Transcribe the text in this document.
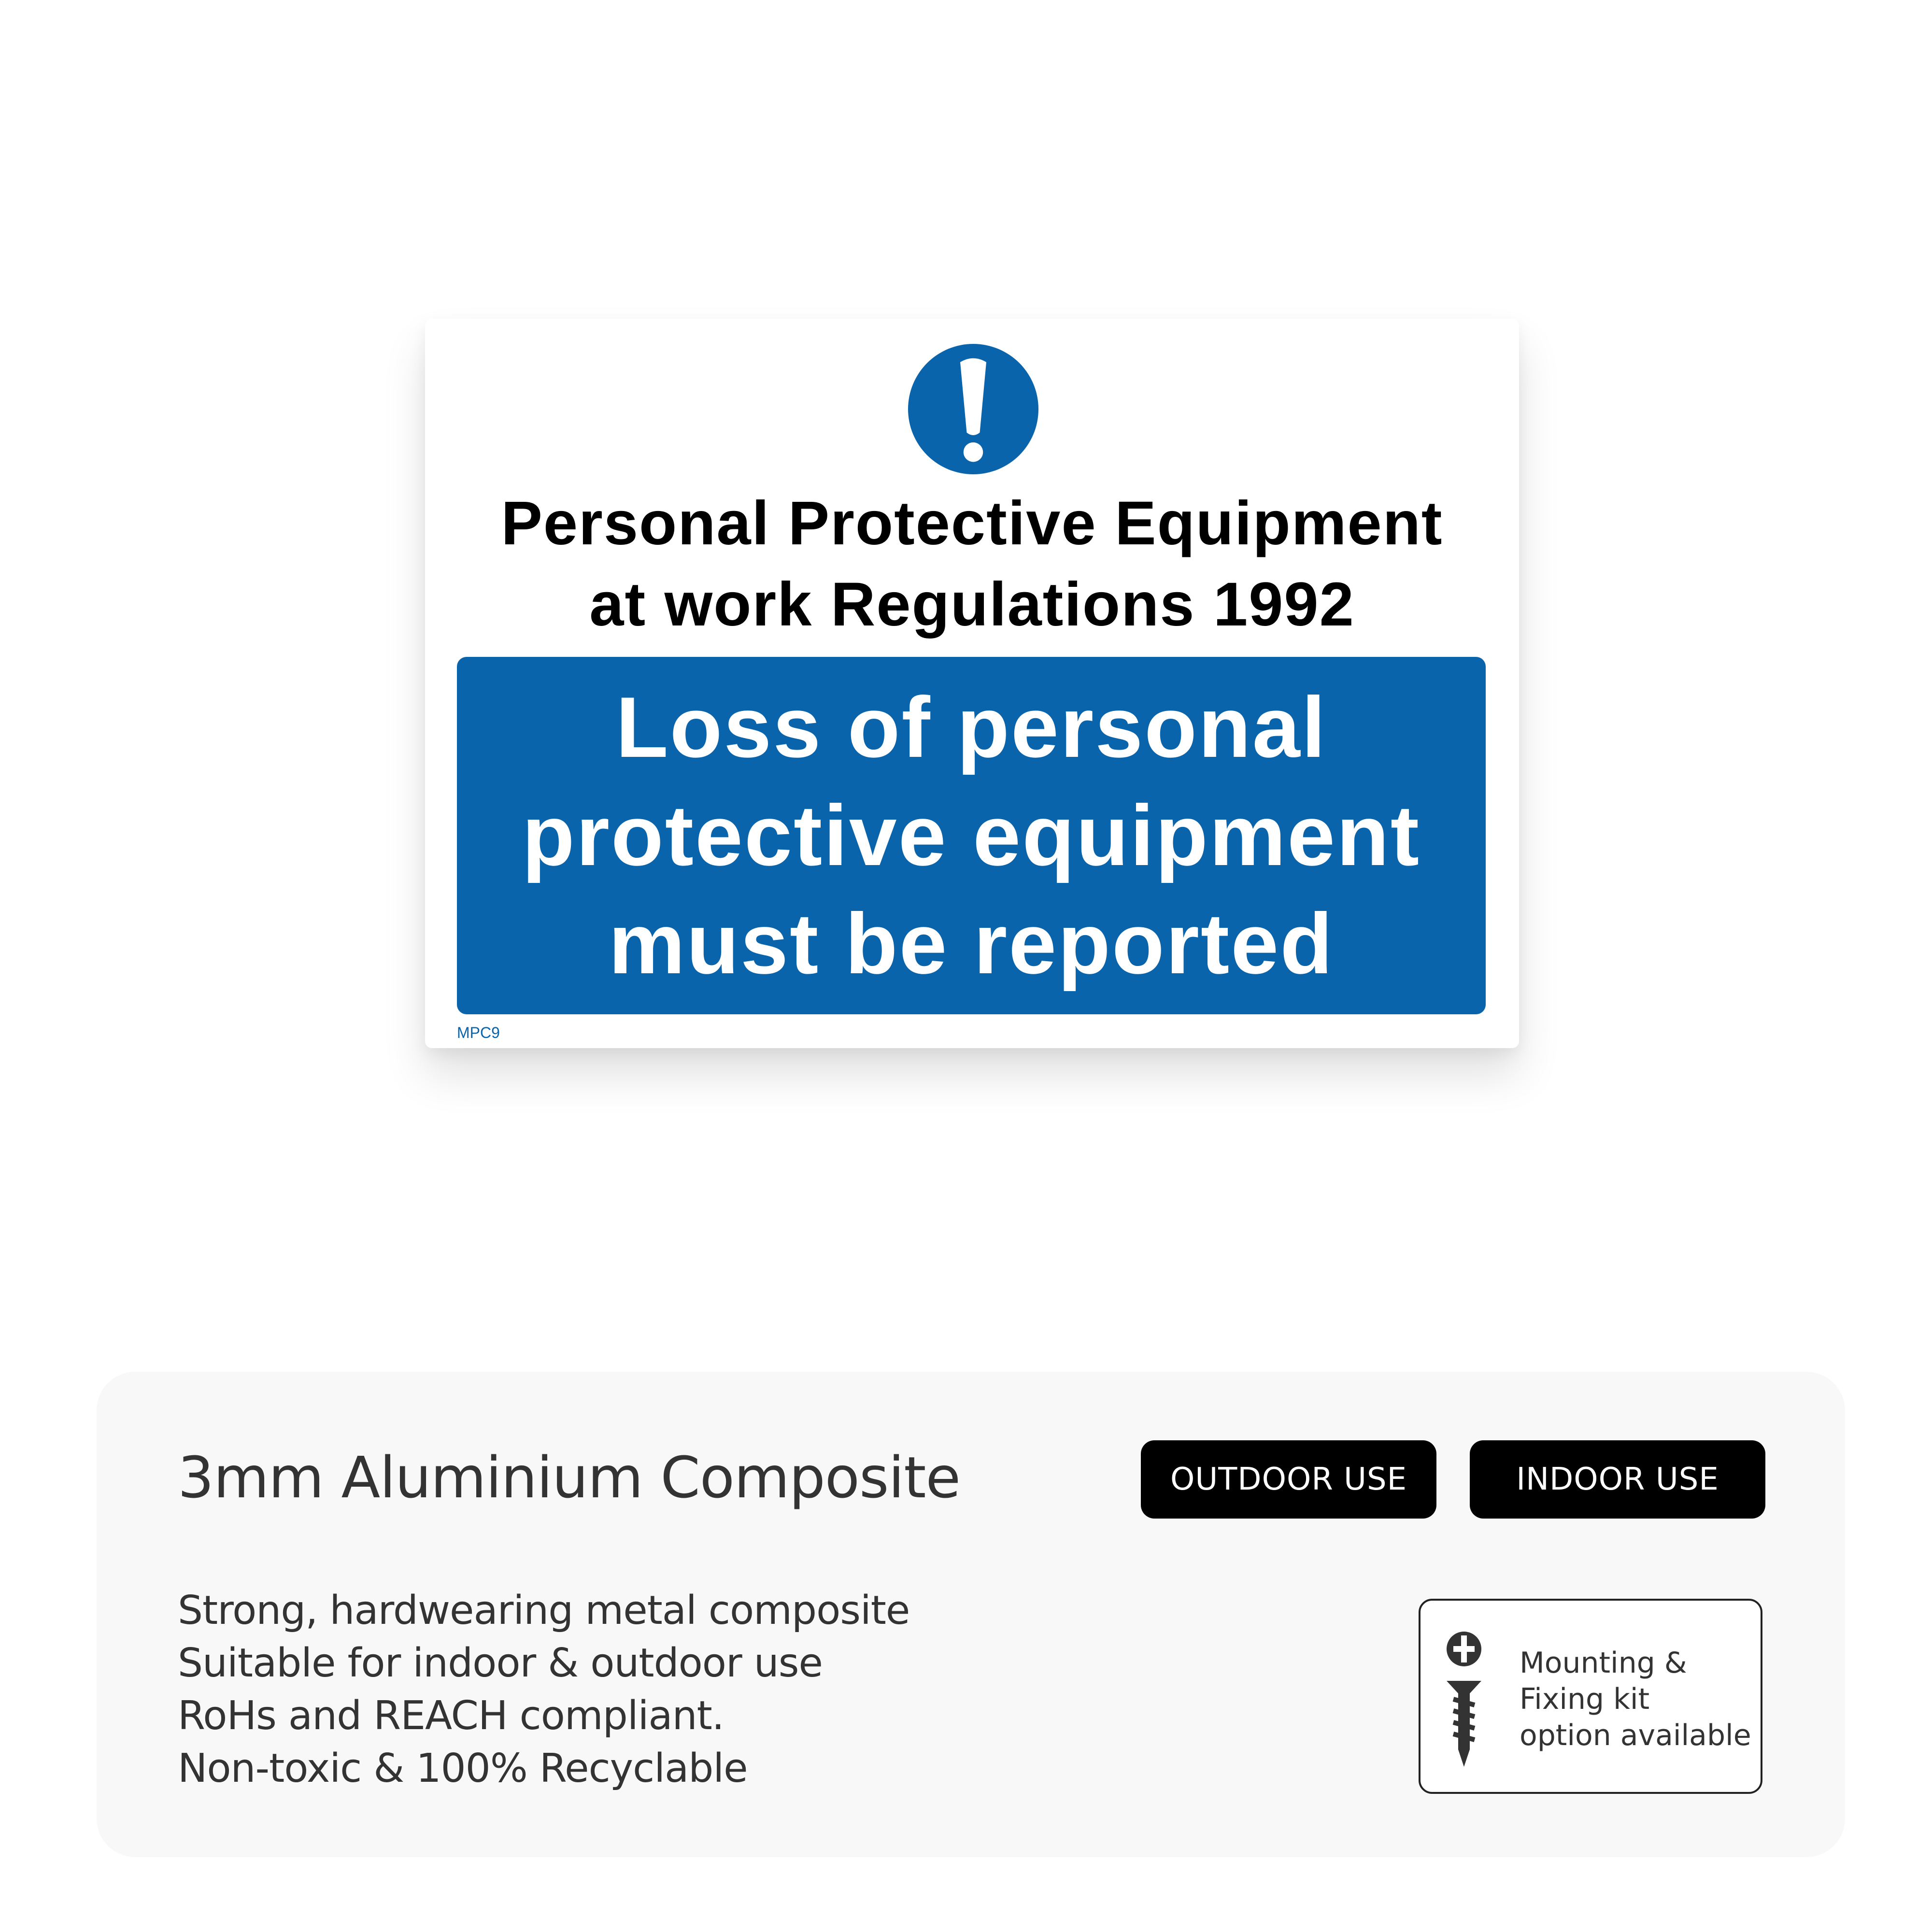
Personal Protective Equipment
at work Regulations 1992
Loss of personal
protective equipment
must be reported
MPC9
3mm Aluminium Composite	OUTDOOR USE	INDOOR USE
Strong, hardwearing metal composite
Suitable for indoor & outdoor use
RoHs and REACH compliant.
Non-toxic & 100% Recyclable
Mounting &
Fixing kit
option available
